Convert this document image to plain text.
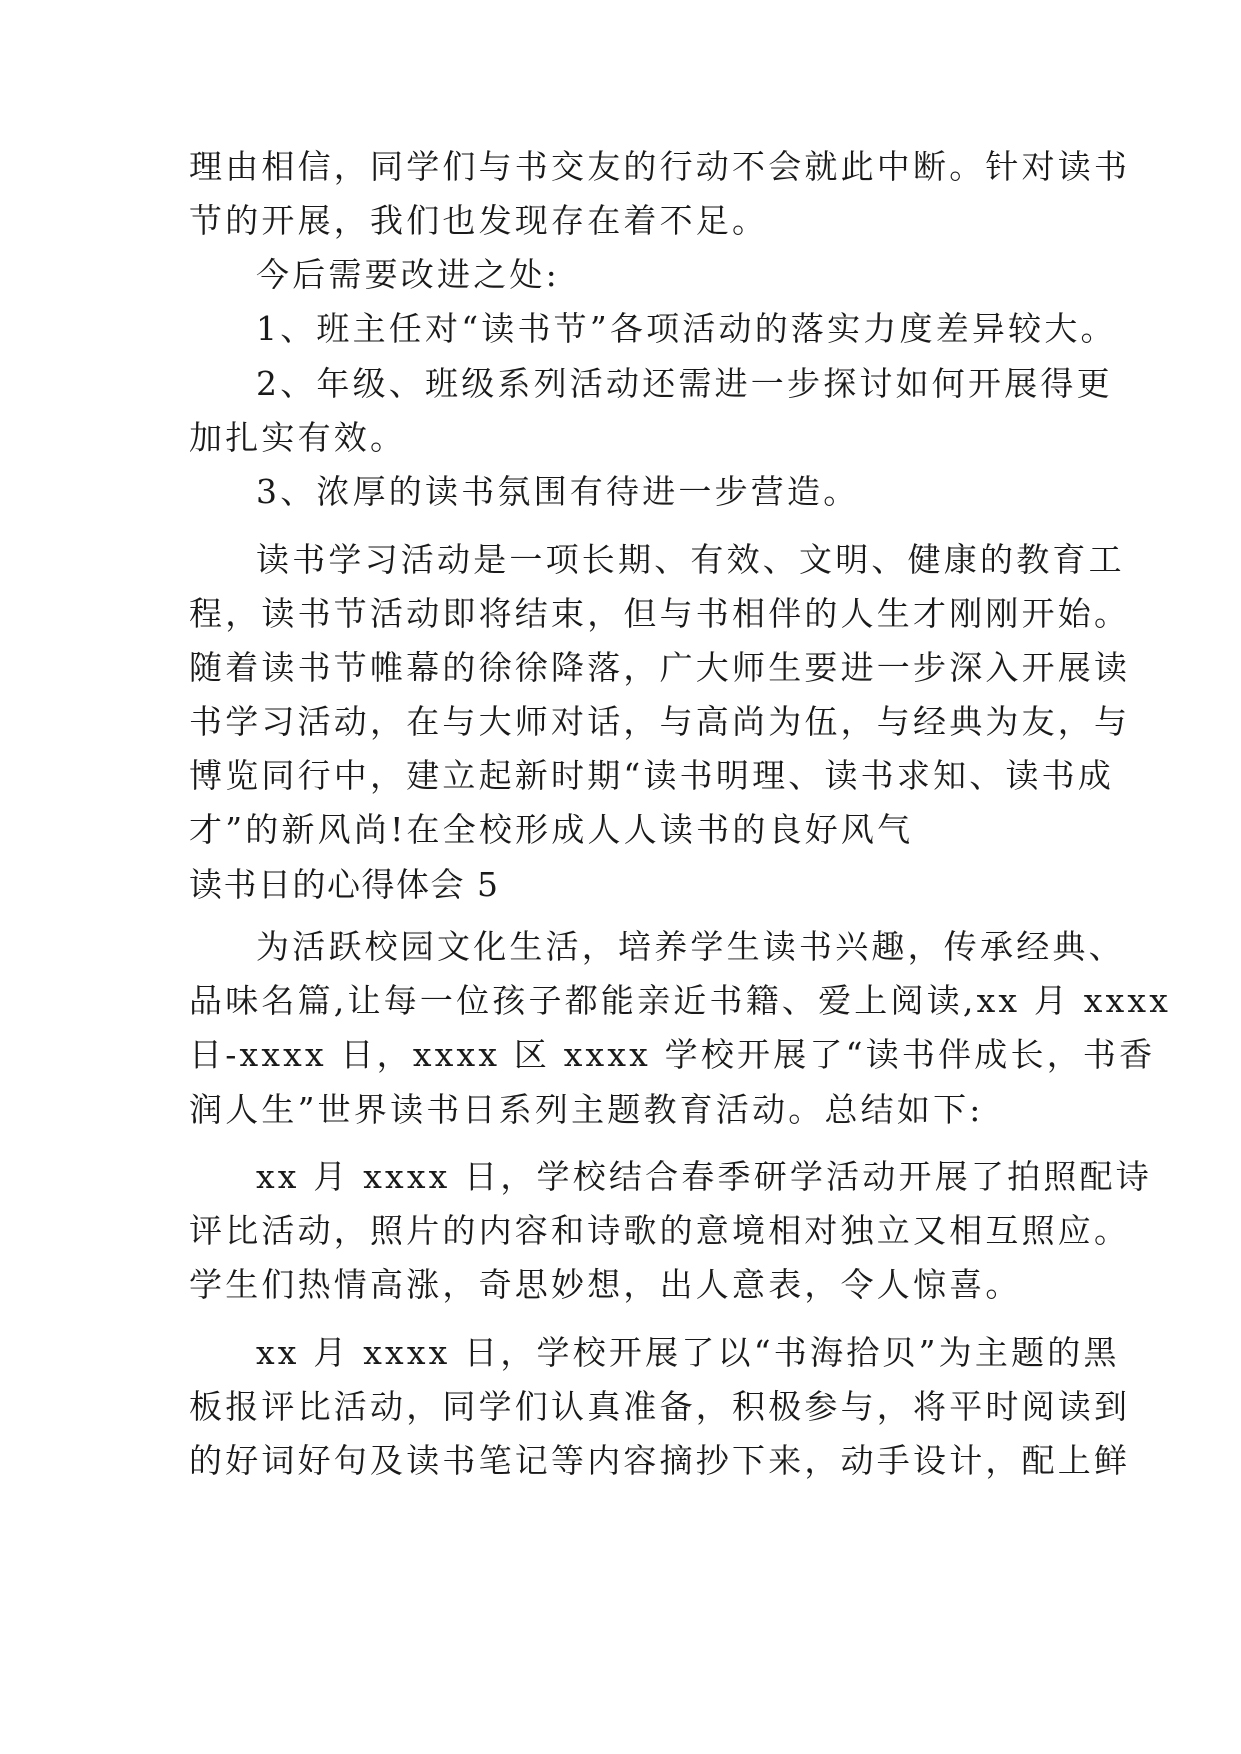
理由相信，同学们与书交友的行动不会就此中断。针对读书
节的开展，我们也发现存在着不足。
今后需要改进之处:
1、班主任对“读书节”各项活动的落实力度差异较大。
2、年级、班级系列活动还需进一步探讨如何开展得更
加扎实有效。
3、浓厚的读书氛围有待进一步营造。
读书学习活动是一项长期、有效、文明、健康的教育工
程，读书节活动即将结束，但与书相伴的人生才刚刚开始。
随着读书节帷幕的徐徐降落，广大师生要进一步深入开展读
书学习活动，在与大师对话，与高尚为伍，与经典为友，与
博览同行中，建立起新时期“读书明理、读书求知、读书成
才”的新风尚!在全校形成人人读书的良好风气
读书日的心得体会 5
为活跃校园文化生活，培养学生读书兴趣，传承经典、
品味名篇,让每一位孩子都能亲近书籍、爱上阅读,xx 月 xxxx
日-xxxx 日，xxxx 区 xxxx 学校开展了“读书伴成长，书香
润人生”世界读书日系列主题教育活动。总结如下:
xx 月 xxxx 日，学校结合春季研学活动开展了拍照配诗
评比活动，照片的内容和诗歌的意境相对独立又相互照应。
学生们热情高涨，奇思妙想，出人意表，令人惊喜。
xx 月 xxxx 日，学校开展了以“书海拾贝”为主题的黑
板报评比活动，同学们认真准备，积极参与，将平时阅读到
的好词好句及读书笔记等内容摘抄下来，动手设计，配上鲜
